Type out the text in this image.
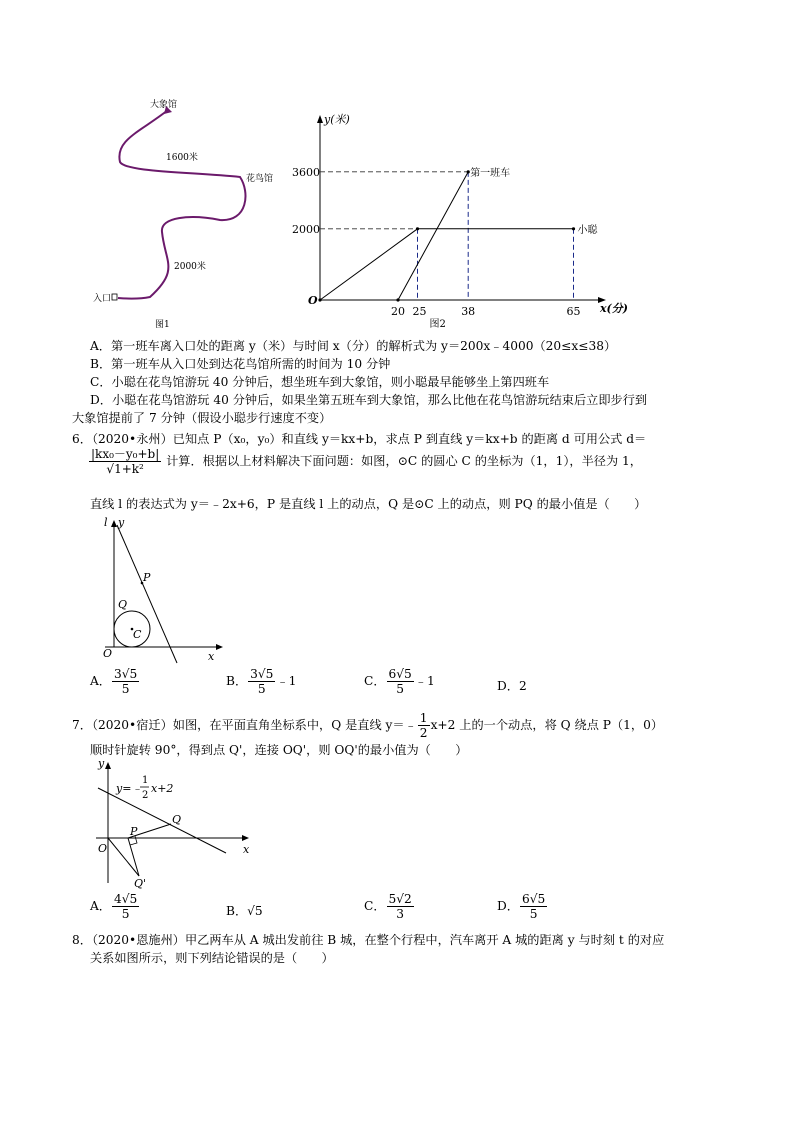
大象馆
花鸟馆
入口
1600米
2000米
图1
y(米)
O
3600
2000
20 25	38	65 x(分)
第一班车
小聪
图2
A．第一班车离入口处的距离 y（米）与时间 x（分）的解析式为 y＝200x﹣4000（20≤x≤38）
B．第一班车从入口处到达花鸟馆所需的时间为 10 分钟
C．小聪在花鸟馆游玩 40 分钟后，想坐班车到大象馆，则小聪最早能够坐上第四班车
D．小聪在花鸟馆游玩 40 分钟后，如果坐第五班车到大象馆，那么比他在花鸟馆游玩结束后立即步行到
大象馆提前了 7 分钟（假设小聪步行速度不变）
6．（2020•永州）已知点 P（x₀，y₀）和直线 y＝kx+b，求点 P 到直线 y＝kx+b 的距离 d 可用公式 d＝
$\frac{\text{|kx₀－y₀+b|}}{\text{√1+k²}}$ 计算．根据以上材料解决下面问题：如图，⊙C 的圆心 C 的坐标为（1，1），半径为 1，
直线 l 的表达式为 y＝﹣2x+6，P 是直线 l 上的动点，Q 是⊙C 上的动点，则 PQ 的最小值是（　　）
l y
P
Q
C
O	x
A． $\frac{3√5}{5}$	B． $\frac{3√5}{5}$ ﹣1	C． $\frac{6√5}{5}$ ﹣1	D．2
7．（2020•宿迁）如图，在平面直角坐标系中，Q 是直线 y＝﹣ $\frac{1}{2} x+2$ 上的一个动点，将 Q 绕点 P（1，0）
顺时针旋转 90°，得到点 Q'，连接 OQ'，则 OQ'的最小值为（　　）
y
y=﹣
1
2
x+2
P
Q
O	x
Q'
A． $\frac{4√5}{5}$	B．√5	C． $\frac{5√2}{3}$	D． $\frac{6√5}{5}$
8．（2020•恩施州）甲乙两车从 A 城出发前往 B 城，在整个行程中，汽车离开 A 城的距离 y 与时刻 t 的对应
关系如图所示，则下列结论错误的是（　　）
